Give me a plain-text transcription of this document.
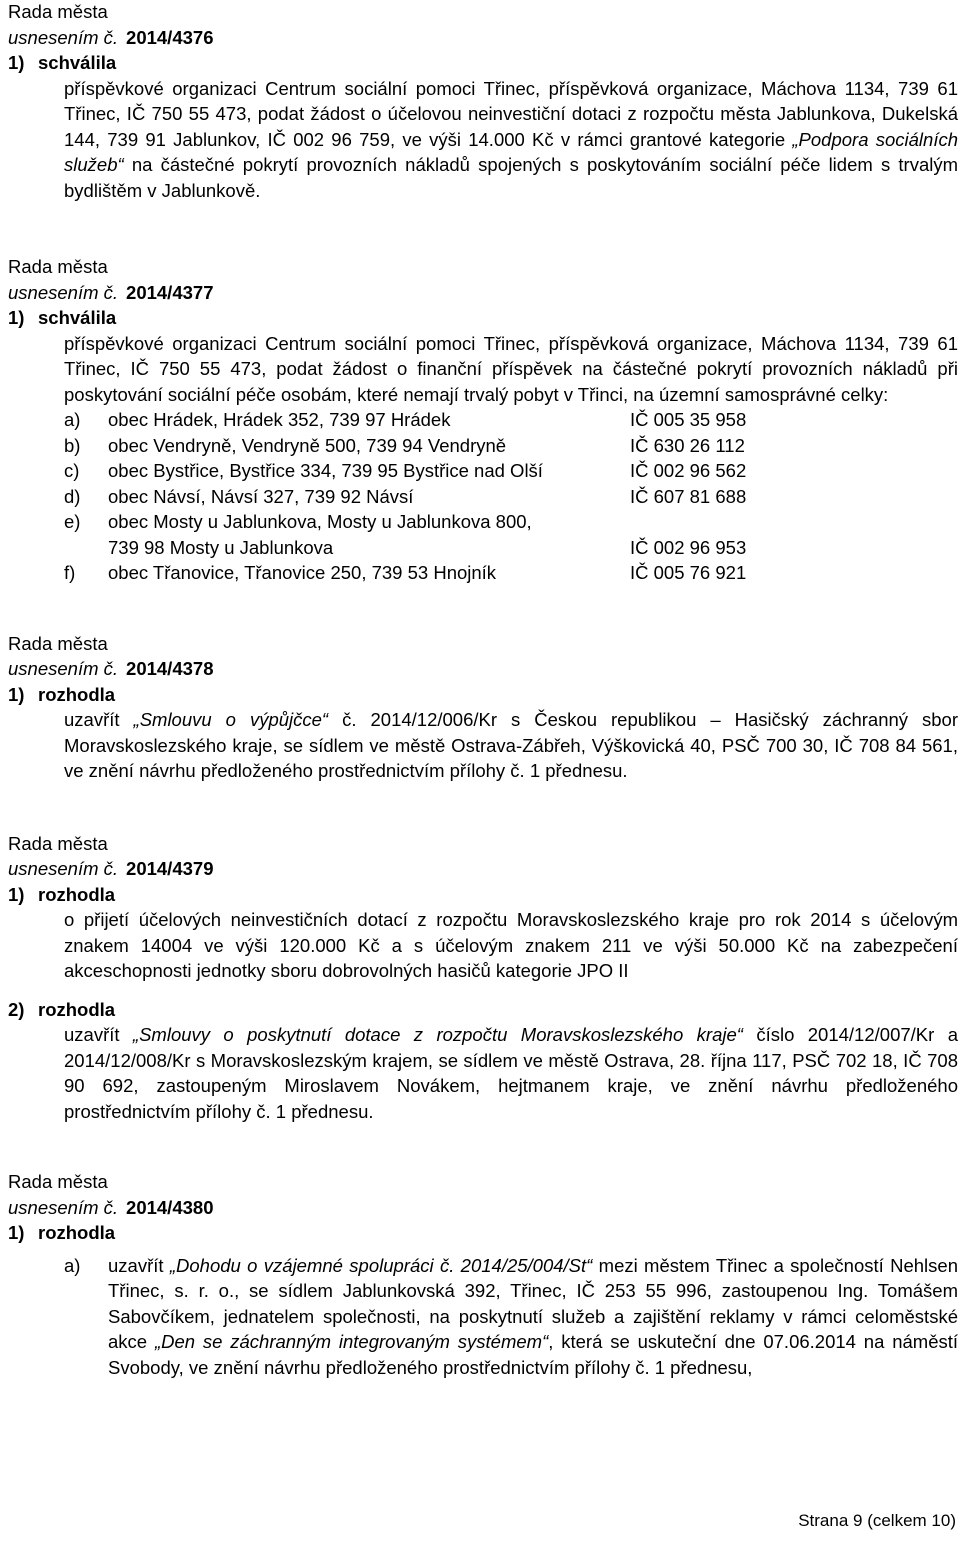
Rada města
usnesením č. 2014/4376
1) schválila

příspěvkové organizaci Centrum sociální pomoci Třinec, příspěvková organizace, Máchova 1134, 739 61 Třinec, IČ 750 55 473, podat žádost o účelovou neinvestiční dotaci z rozpočtu města Jablunkova, Dukelská 144, 739 91 Jablunkov, IČ 002 96 759, ve výši 14.000 Kč v rámci grantové kategorie „Podpora sociálních služeb“ na částečné pokrytí provozních nákladů spojených s poskytováním sociální péče lidem s trvalým bydlištěm v Jablunkově.

Rada města
usnesením č. 2014/4377
1) schválila

příspěvkové organizaci Centrum sociální pomoci Třinec, příspěvková organizace, Máchova 1134, 739 61 Třinec, IČ 750 55 473, podat žádost o finanční příspěvek na částečné pokrytí provozních nákladů při poskytování sociální péče osobám, které nemají trvalý pobyt v Třinci, na územní samosprávné celky:

a)	obec Hrádek, Hrádek 352, 739 97 Hrádek	IČ 005 35 958
b)	obec Vendryně, Vendryně 500, 739 94 Vendryně	IČ 630 26 112
c)	obec Bystřice, Bystřice 334, 739 95 Bystřice nad Olší	IČ 002 96 562
d)	obec Návsí, Návsí 327, 739 92 Návsí	IČ 607 81 688
e)	obec Mosty u Jablunkova, Mosty u Jablunkova 800,
739 98 Mosty u Jablunkova	IČ 002 96 953
f)	obec Třanovice, Třanovice 250, 739 53 Hnojník	IČ 005 76 921
Rada města
usnesením č. 2014/4378
1) rozhodla

uzavřít „Smlouvu o výpůjčce“ č. 2014/12/006/Kr s Českou republikou – Hasičský záchranný sbor Moravskoslezského kraje, se sídlem ve městě Ostrava-Zábřeh, Výškovická 40, PSČ 700 30, IČ 708 84 561, ve znění návrhu předloženého prostřednictvím přílohy č. 1 přednesu.

Rada města
usnesením č. 2014/4379
1) rozhodla

o přijetí účelových neinvestičních dotací z rozpočtu Moravskoslezského kraje pro rok 2014 s účelovým znakem 14004 ve výši 120.000 Kč a s účelovým znakem 211 ve výši 50.000 Kč na zabezpečení akceschopnosti jednotky sboru dobrovolných hasičů kategorie JPO II

2) rozhodla

uzavřít „Smlouvy o poskytnutí dotace z rozpočtu Moravskoslezského kraje“ číslo 2014/12/007/Kr a 2014/12/008/Kr s Moravskoslezským krajem, se sídlem ve městě Ostrava, 28. října 117, PSČ 702 18, IČ 708 90 692, zastoupeným Miroslavem Novákem, hejtmanem kraje, ve znění návrhu předloženého prostřednictvím přílohy č. 1 přednesu.

Rada města
usnesením č. 2014/4380
1) rozhodla
a) uzavřít „Dohodu o vzájemné spolupráci č. 2014/25/004/St“ mezi městem Třinec a společností Nehlsen Třinec, s. r. o., se sídlem Jablunkovská 392, Třinec, IČ 253 55 996, zastoupenou Ing. Tomášem Sabovčíkem, jednatelem společnosti, na poskytnutí služeb a zajištění reklamy v rámci celoměstské akce „Den se záchranným integrovaným systémem“, která se uskuteční dne 07.06.2014 na náměstí Svobody, ve znění návrhu předloženého prostřednictvím přílohy č. 1 přednesu,

Strana 9 (celkem 10)
